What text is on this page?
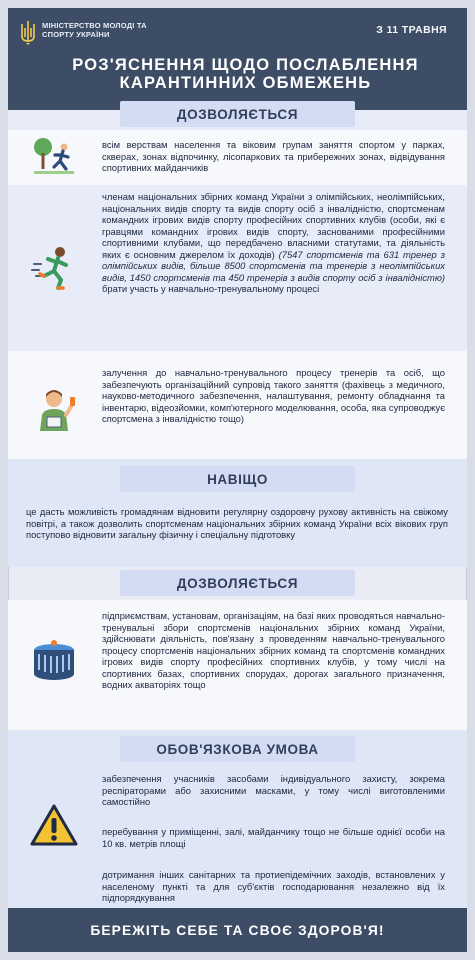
МІНІСТЕРСТВО МОЛОДІ ТА СПОРТУ УКРАЇНИ	З 11 ТРАВНЯ
РОЗ'ЯСНЕННЯ ЩОДО ПОСЛАБЛЕННЯ
КАРАНТИННИХ ОБМЕЖЕНЬ
ДОЗВОЛЯЄТЬСЯ
всім верствам населення та віковим групам заняття спортом у парках, скверах, зонах відпочинку, лісопаркових та прибережних зонах, відвідування спортивних майданчиків
членам національних збірних команд України з олімпійських, неолімпійських, національних видів спорту та видів спорту осіб з інвалідністю, спортсменам командних ігрових видів спорту професійних спортивних клубів (особи, які є гравцями командних ігрових видів спорту, заснованими професійними спортивними клубами, що передбачено власними статутами, та діяльність яких є основним джерелом їх доходів) (7547 спортсменів та 631 тренер з олімпійських видів, більше 8500 спортсменів та тренерів з неолімпійських видів, 1450 спортсменів та 450 тренерів з видів спорту осіб з інвалідністю) брати участь у навчально-тренувальному процесі
залучення до навчально-тренувального процесу тренерів та осіб, що забезпечують організаційний супровід такого заняття (фахівець з медичного, науково-методичного забезпечення, налаштування, ремонту обладнання та інвентарю, відеозйомки, комп'ютерного моделювання, особа, яка супроводжує спортсмена з інвалідністю тощо)
НАВІЩО
це дасть можливість громадянам відновити регулярну оздоровчу рухову активність на свіжому повітрі, а також дозволить спортсменам національних збірних команд України всіх вікових груп поступово відновити загальну фізичну і спеціальну підготовку
ДОЗВОЛЯЄТЬСЯ
підприємствам, установам, організаціям, на базі яких проводяться навчально-тренувальні збори спортсменів національних збірних команд України, здійснювати діяльність, пов'язану з проведенням навчально-тренувального процесу спортсменів національних збірних команд та спортсменів командних ігрових видів спорту професійних спортивних клубів, у тому числі на спортивних базах, спортивних спорудах, дорогах загального призначення, водних акваторіях тощо
ОБОВ'ЯЗКОВА УМОВА
забезпечення учасників засобами індивідуального захисту, зокрема респіраторами або захисними масками, у тому числі виготовленими самостійно
перебування у приміщенні, залі, майданчику тощо не більше однієї особи на 10 кв. метрів площі
дотримання інших санітарних та протиепідемічних заходів, встановлених у населеному пункті та для суб'єктів господарювання незалежно від їх підпорядкування
БЕРЕЖІТЬ СЕБЕ ТА СВОЄ ЗДОРОВ'Я!
